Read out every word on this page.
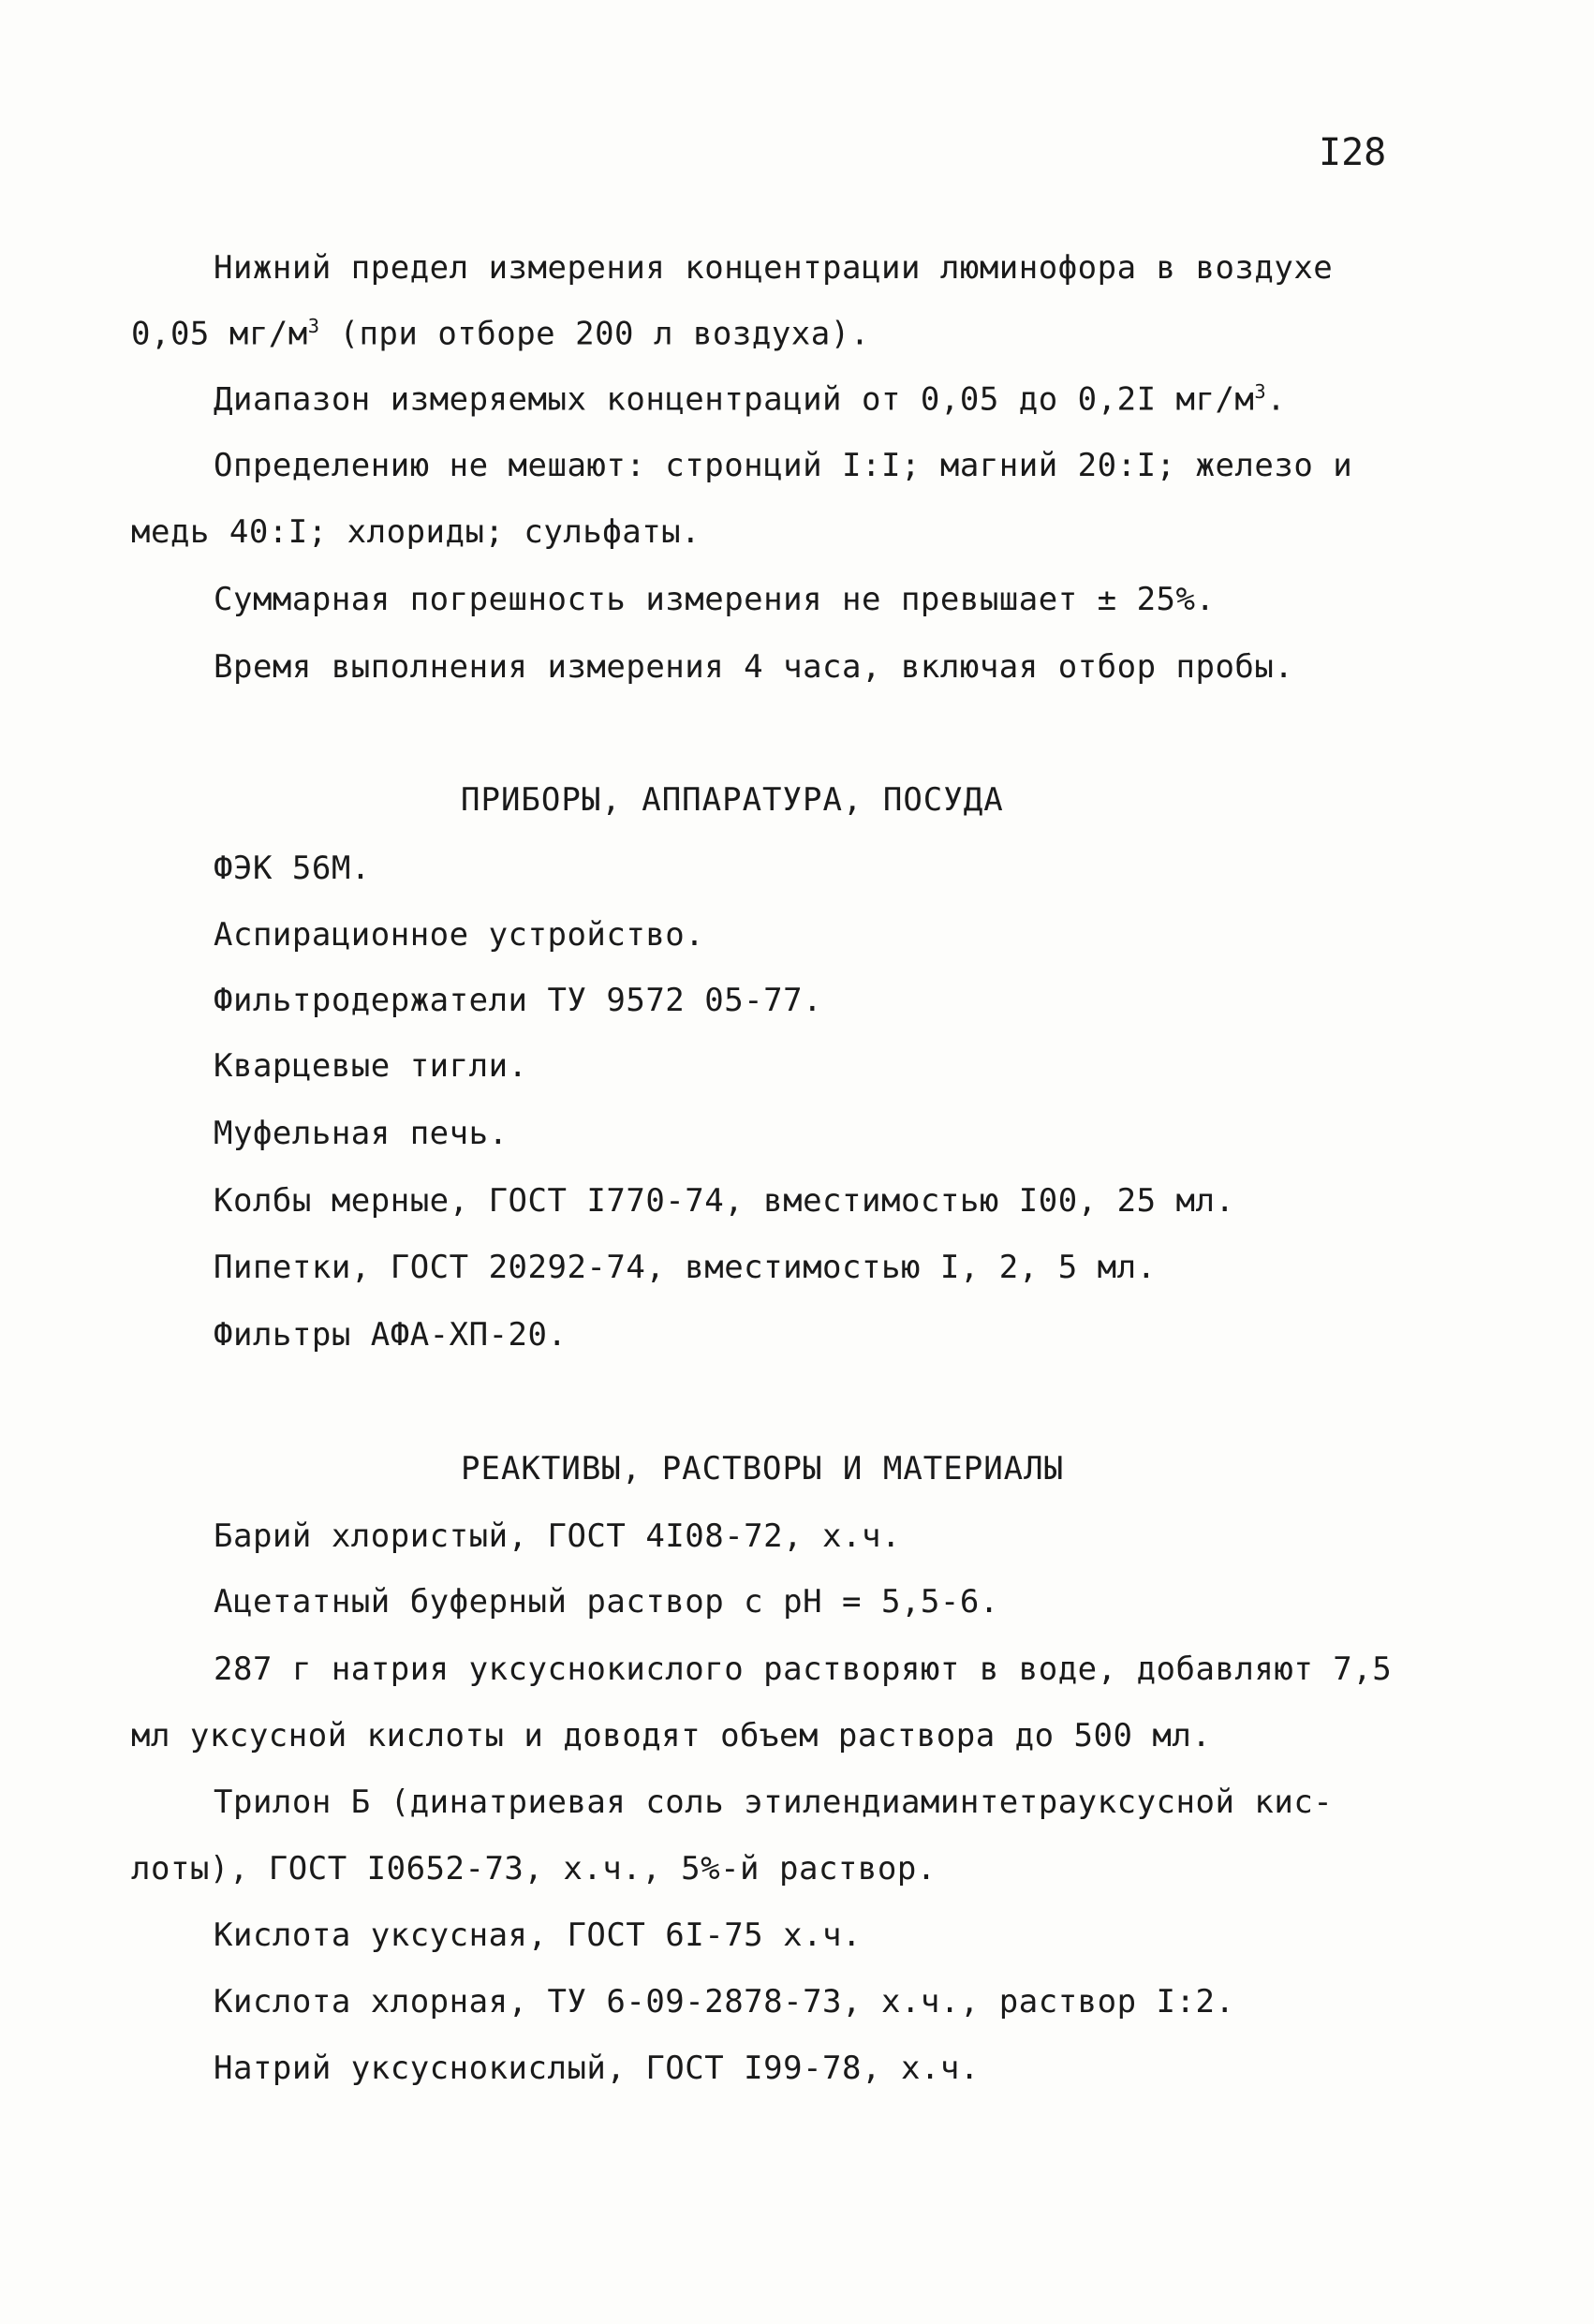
I28
Нижний предел измерения концентрации люминофора в воздухе
0,05 $мг/м^3$ (при отборе 200 л воздуха).
Диапазон измеряемых концентраций от 0,05 до 0,2I $мг/м^3$.
Определению не мешают: стронций I:I; магний 20:I; железо и
медь 40:I; хлориды; сульфаты.
Суммарная погрешность измерения не превышает ± 25%.
Время выполнения измерения 4 часа, включая отбор пробы.
ПРИБОРЫ, АППАРАТУРА, ПОСУДА
ФЭК 56М.
Аспирационное устройство.
Фильтродержатели ТУ 9572 05-77.
Кварцевые тигли.
Муфельная печь.
Колбы мерные, ГОСТ I770-74, вместимостью I00, 25 мл.
Пипетки, ГОСТ 20292-74, вместимостью I, 2, 5 мл.
Фильтры АФА-ХП-20.
РЕАКТИВЫ, РАСТВОРЫ И МАТЕРИАЛЫ
Барий хлористый, ГОСТ 4I08-72, х.ч.
Ацетатный буферный раствор с рН = 5,5-6.
287 г натрия уксуснокислого растворяют в воде, добавляют 7,5
мл уксусной кислоты и доводят объем раствора до 500 мл.
Трилон Б (динатриевая соль этилендиаминтетрауксусной кис-
лоты), ГОСТ I0652-73, х.ч., 5%-й раствор.
Кислота уксусная, ГОСТ 6I-75 х.ч.
Кислота хлорная, ТУ 6-09-2878-73, х.ч., раствор I:2.
Натрий уксуснокислый, ГОСТ I99-78, х.ч.
